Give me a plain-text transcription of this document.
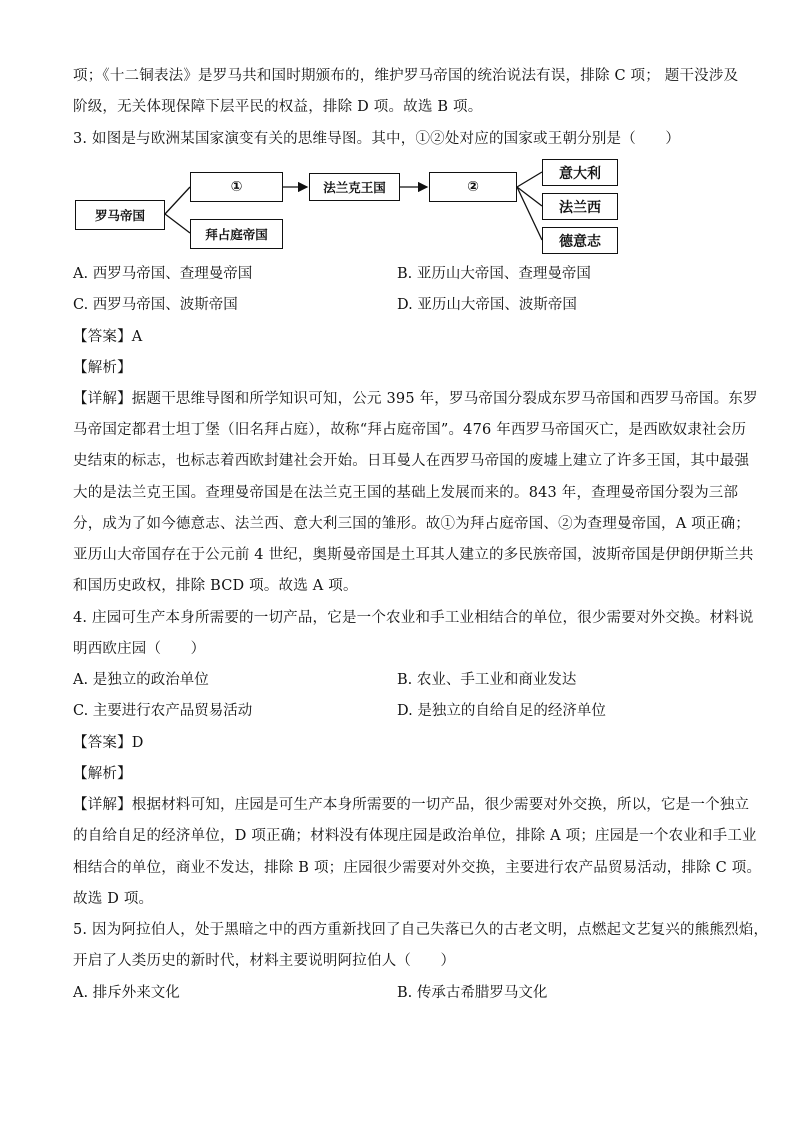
项；《十二铜表法》是罗马共和国时期颁布的，维护罗马帝国的统治说法有误，排除 C 项； 题干没涉及
阶级，无关体现保障下层平民的权益，排除 D 项。故选 B 项。
3. 如图是与欧洲某国家演变有关的思维导图。其中，①②处对应的国家或王朝分别是（　　）
罗马帝国
①
拜占庭帝国
法兰克王国	②
意大利
法兰西
德意志
A. 西罗马帝国、查理曼帝国	B. 亚历山大帝国、查理曼帝国
C. 西罗马帝国、波斯帝国	D. 亚历山大帝国、波斯帝国
【答案】A
【解析】
【详解】据题干思维导图和所学知识可知，公元 395 年，罗马帝国分裂成东罗马帝国和西罗马帝国。东罗
马帝国定都君士坦丁堡（旧名拜占庭），故称“拜占庭帝国”。476 年西罗马帝国灭亡，是西欧奴隶社会历
史结束的标志，也标志着西欧封建社会开始。日耳曼人在西罗马帝国的废墟上建立了许多王国，其中最强
大的是法兰克王国。查理曼帝国是在法兰克王国的基础上发展而来的。843 年，查理曼帝国分裂为三部
分，成为了如今德意志、法兰西、意大利三国的雏形。故①为拜占庭帝国、②为查理曼帝国，A 项正确；
亚历山大帝国存在于公元前 4 世纪，奥斯曼帝国是土耳其人建立的多民族帝国，波斯帝国是伊朗伊斯兰共
和国历史政权，排除 BCD 项。故选 A 项。
4. 庄园可生产本身所需要的一切产品，它是一个农业和手工业相结合的单位，很少需要对外交换。材料说
明西欧庄园（　　）
A. 是独立的政治单位	B. 农业、手工业和商业发达
C. 主要进行农产品贸易活动	D. 是独立的自给自足的经济单位
【答案】D
【解析】
【详解】根据材料可知，庄园是可生产本身所需要的一切产品，很少需要对外交换，所以，它是一个独立
的自给自足的经济单位，D 项正确；材料没有体现庄园是政治单位，排除 A 项；庄园是一个农业和手工业
相结合的单位，商业不发达，排除 B 项；庄园很少需要对外交换，主要进行农产品贸易活动，排除 C 项。
故选 D 项。
5. 因为阿拉伯人，处于黑暗之中的西方重新找回了自己失落已久的古老文明，点燃起文艺复兴的熊熊烈焰，
开启了人类历史的新时代，材料主要说明阿拉伯人（　　）
A. 排斥外来文化	B. 传承古希腊罗马文化
